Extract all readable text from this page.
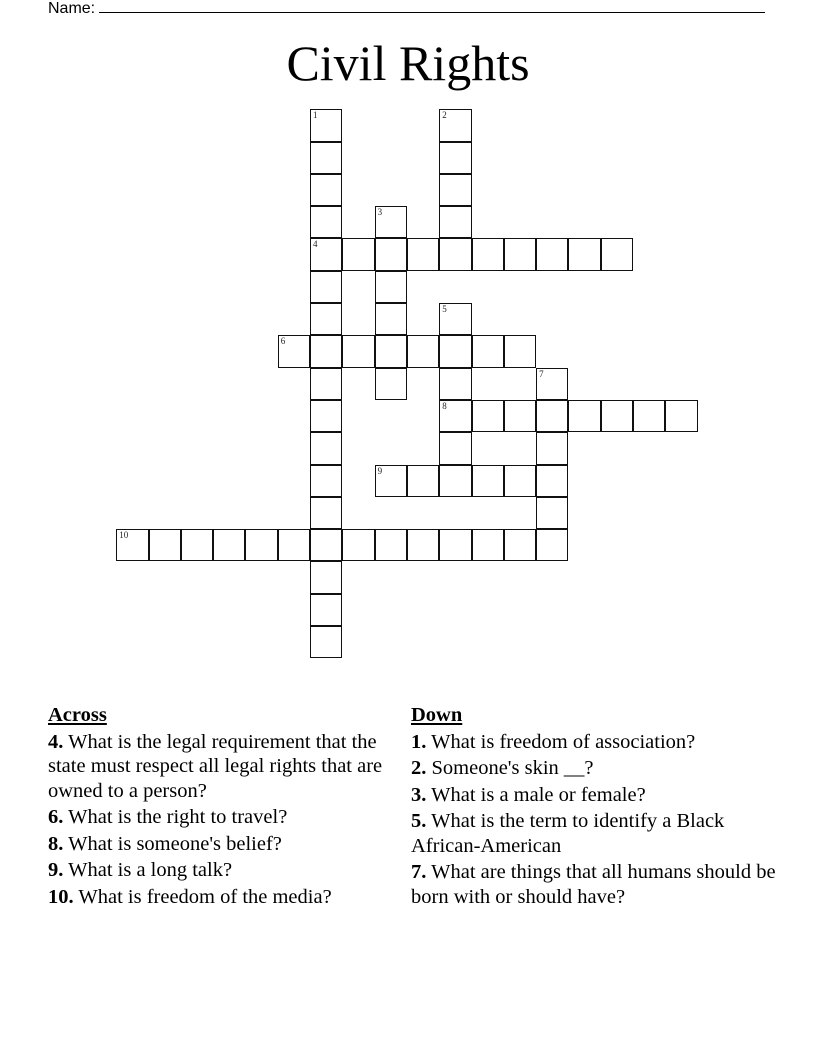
Name:
Civil Rights
1
4
2
3
5
8
6
7
9
10
Across
4. What is the legal requirement that the state must respect all legal rights that are owned to a person?
6. What is the right to travel?
8. What is someone's belief?
9. What is a long talk?
10. What is freedom of the media?
Down
1. What is freedom of association?
2. Someone's skin __?
3. What is a male or female?
5. What is the term to identify a Black African-American
7. What are things that all humans should be born with or should have?
